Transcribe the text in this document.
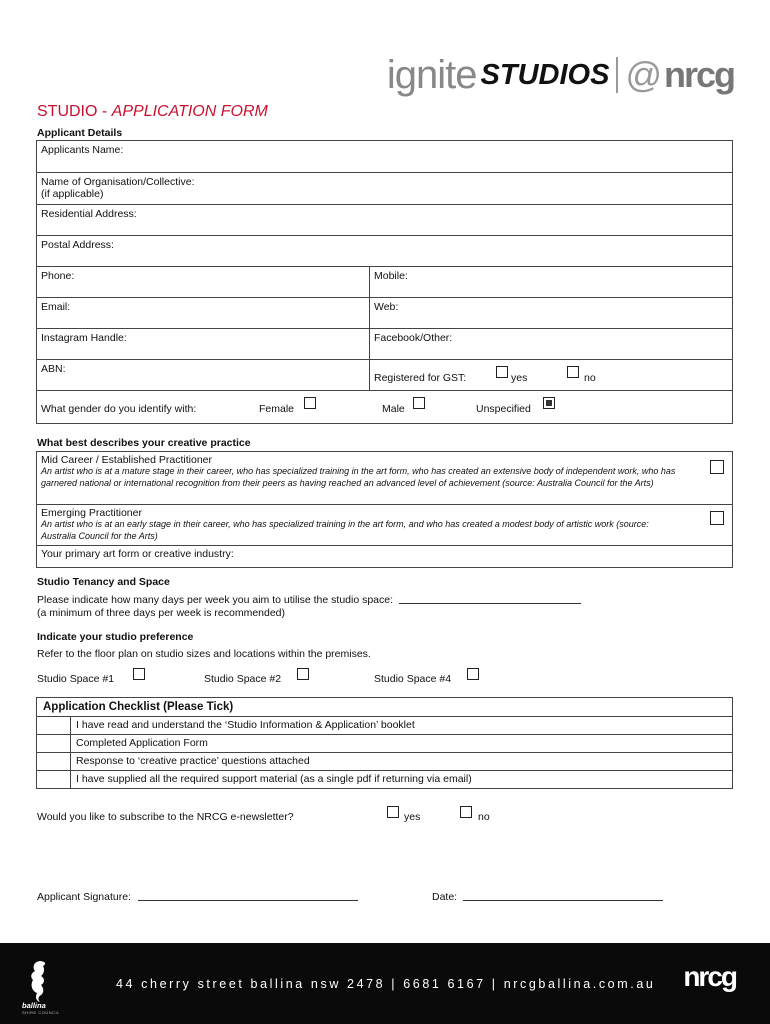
ignite STUDIOS @ nrcg
STUDIO - APPLICATION FORM
Applicant Details
Applicants Name:
Name of Organisation/Collective:
(if applicable)
Residential Address:
Postal Address:
Phone:	Mobile:
Email:	Web:
Instagram Handle:	Facebook/Other:
ABN:
Registered for GST:	yes	no
What gender do you identify with:	Female	Male	Unspecified
What best describes your creative practice
Mid Career / Established Practitioner
An artist who is at a mature stage in their career, who has specialized training in the art form, who has created an extensive body of independent work, who has garnered national or international recognition from their peers as having reached an advanced level of achievement (source: Australia Council for the Arts)
Emerging Practitioner
An artist who is at an early stage in their career, who has specialized training in the art form, and who has created a modest body of artistic work (source: Australia Council for the Arts)
Your primary art form or creative industry:
Studio Tenancy and Space
Please indicate how many days per week you aim to utilise the studio space:
(a minimum of three days per week is recommended)
Indicate your studio preference
Refer to the floor plan on studio sizes and locations within the premises.
Studio Space #1	Studio Space #2	Studio Space #4
Application Checklist (Please Tick)
I have read and understand the ‘Studio Information & Application’ booklet
Completed Application Form
Response to ‘creative practice’ questions attached
I have supplied all the required support material (as a single pdf if returning via email)
Would you like to subscribe to the NRCG e-newsletter?	yes	no
Applicant Signature:	Date:
ballina
SHIRE COUNCIL
44 cherry street ballina nsw 2478 | 6681 6167 | nrcgballina.com.au nrcg
